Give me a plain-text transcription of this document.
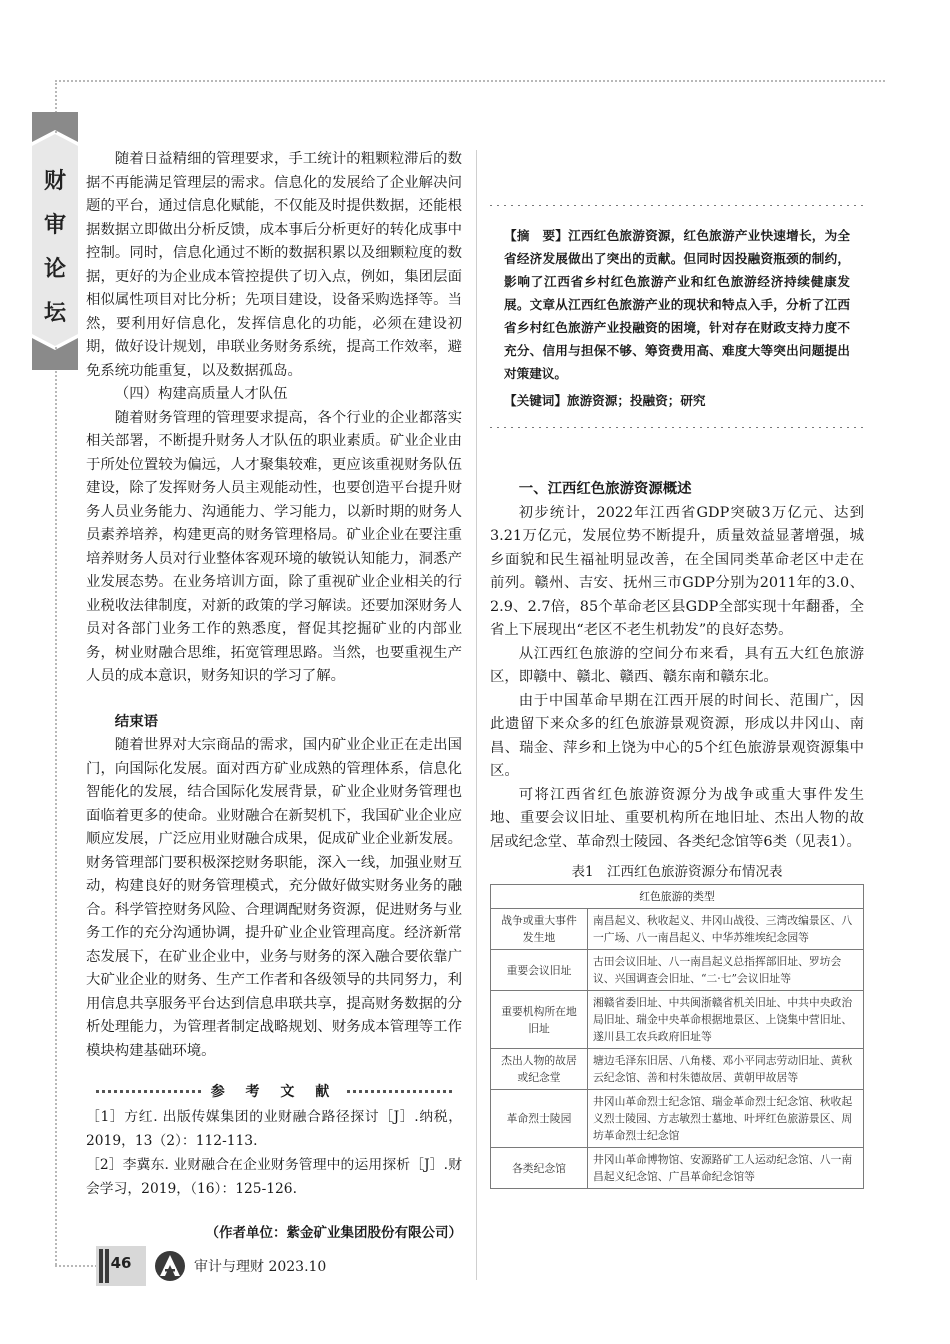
财
审
论
坛

随着日益精细的管理要求，手工统计的粗颗粒滞后的数据不再能满足管理层的需求。信息化的发展给了企业解决问题的平台，通过信息化赋能，不仅能及时提供数据，还能根据数据立即做出分析反馈，成本事后分析更好的转化成事中控制。同时，信息化通过不断的数据积累以及细颗粒度的数据，更好的为企业成本管控提供了切入点，例如，集团层面相似属性项目对比分析；先项目建设，设备采购选择等。当然，要利用好信息化，发挥信息化的功能，必须在建设初期，做好设计规划，串联业务财务系统，提高工作效率，避免系统功能重复，以及数据孤岛。

（四）构建高质量人才队伍

随着财务管理的管理要求提高，各个行业的企业都落实相关部署，不断提升财务人才队伍的职业素质。矿业企业由于所处位置较为偏远，人才聚集较难，更应该重视财务队伍建设，除了发挥财务人员主观能动性，也要创造平台提升财务人员业务能力、沟通能力、学习能力，以新时期的财务人员素养培养，构建更高的财务管理格局。矿业企业在要注重培养财务人员对行业整体客观环境的敏锐认知能力，洞悉产业发展态势。在业务培训方面，除了重视矿业企业相关的行业税收法律制度，对新的政策的学习解读。还要加深财务人员对各部门业务工作的熟悉度，督促其挖掘矿业的内部业务，树业财融合思维，拓宽管理思路。当然，也要重视生产人员的成本意识，财务知识的学习了解。

结束语

随着世界对大宗商品的需求，国内矿业企业正在走出国门，向国际化发展。面对西方矿业成熟的管理体系，信息化智能化的发展，结合国际化发展背景，矿业企业财务管理也面临着更多的使命。业财融合在新契机下，我国矿业企业应顺应发展，广泛应用业财融合成果，促成矿业企业新发展。财务管理部门要积极深挖财务职能，深入一线，加强业财互动，构建良好的财务管理模式，充分做好做实财务业务的融合。科学管控财务风险、合理调配财务资源，促进财务与业务工作的充分沟通协调，提升矿业企业管理高度。经济新常态发展下，在矿业企业中，业务与财务的深入融合要依靠广大矿业企业的财务、生产工作者和各级领导的共同努力，利用信息共享服务平台达到信息串联共享，提高财务数据的分析处理能力，为管理者制定战略规划、财务成本管理等工作模块构建基础环境。

参 考 文 献

［1］方红. 出版传媒集团的业财融合路径探讨［J］.纳税，2019，13（2）：112-113.

［2］李冀东. 业财融合在企业财务管理中的运用探析［J］.财会学习，2019，（16）：125-126.

（作者单位：紫金矿业集团股份有限公司）
【摘　要】江西红色旅游资源，红色旅游产业快速增长，为全省经济发展做出了突出的贡献。但同时因投融资瓶颈的制约，影响了江西省乡村红色旅游产业和红色旅游经济持续健康发展。文章从江西红色旅游产业的现状和特点入手，分析了江西省乡村红色旅游产业投融资的困境，针对存在财政支持力度不充分、信用与担保不够、筹资费用高、难度大等突出问题提出对策建议。
【关键词】旅游资源；投融资；研究

一、江西红色旅游资源概述

初步统计，2022年江西省GDP突破3万亿元、达到3.21万亿元，发展位势不断提升，质量效益显著增强，城乡面貌和民生福祉明显改善，在全国同类革命老区中走在前列。赣州、吉安、抚州三市GDP分别为2011年的3.0、2.9、2.7倍，85个革命老区县GDP全部实现十年翻番，全省上下展现出“老区不老生机勃发”的良好态势。

从江西红色旅游的空间分布来看，具有五大红色旅游区，即赣中、赣北、赣西、赣东南和赣东北。

由于中国革命早期在江西开展的时间长、范围广，因此遗留下来众多的红色旅游景观资源，形成以井冈山、南昌、瑞金、萍乡和上饶为中心的5个红色旅游景观资源集中区。

可将江西省红色旅游资源分为战争或重大事件发生地、重要会议旧址、重要机构所在地旧址、杰出人物的故居或纪念堂、革命烈士陵园、各类纪念馆等6类（见表1）。

表1　江西红色旅游资源分布情况表
红色旅游的类型	
战争或重大事件发生地	南昌起义、秋收起义、井冈山战役、三湾改编景区、八一广场、八一南昌起义、中华苏维埃纪念园等
重要会议旧址	古田会议旧址、八一南昌起义总指挥部旧址、罗坊会议、兴国调查会旧址、“二·七”会议旧址等
重要机构所在地旧址	湘赣省委旧址、中共闽浙赣省机关旧址、中共中央政治局旧址、瑞金中央革命根据地景区、上饶集中营旧址、遂川县工农兵政府旧址等
杰出人物的故居或纪念堂	塘边毛泽东旧居、八角楼、邓小平同志劳动旧址、黄秋云纪念馆、善和村朱德故居、黄朝甲故居等
革命烈士陵园	井冈山革命烈士纪念馆、瑞金革命烈士纪念馆、秋收起义烈士陵园、方志敏烈士墓地、叶坪红色旅游景区、周坊革命烈士纪念馆
各类纪念馆	井冈山革命博物馆、安源路矿工人运动纪念馆、八一南昌起义纪念馆、广昌革命纪念馆等
46	审计与理财 2023.10
